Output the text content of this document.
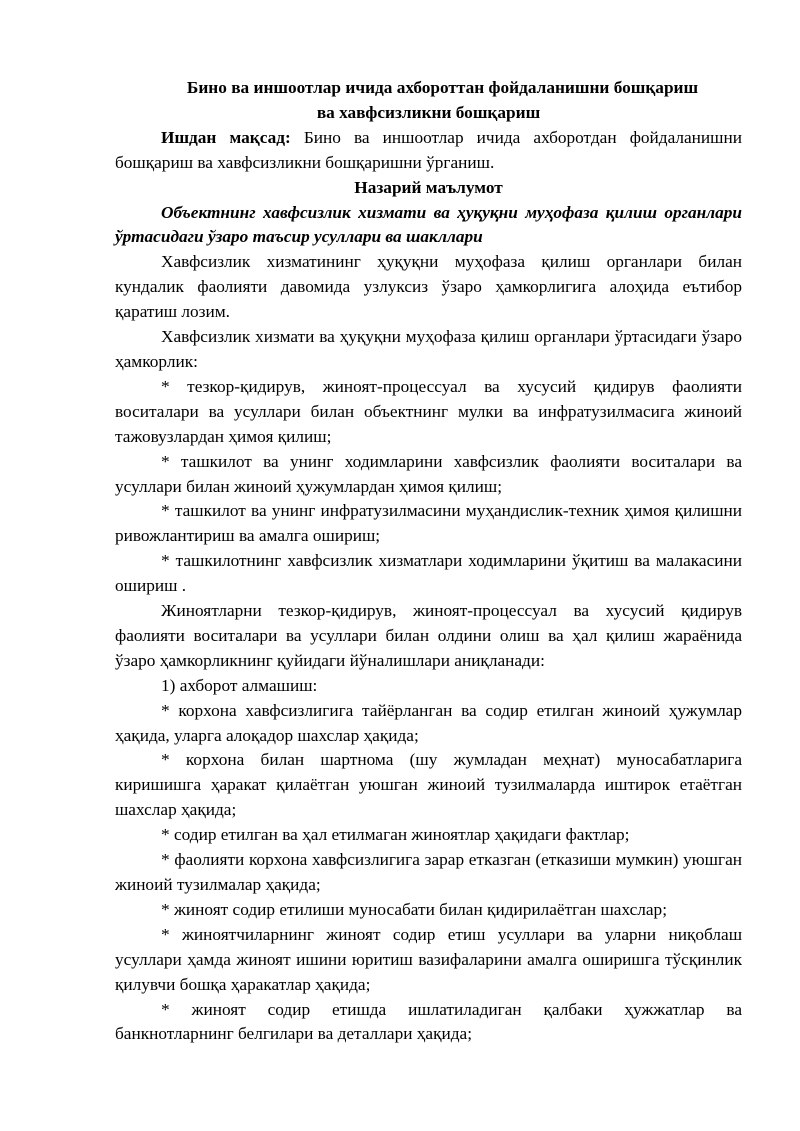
Бино ва иншоотлар ичида ахбороттан фойдаланишни бошқариш
ва хавфсизликни бошқариш

Ишдан мақсад: Бино ва иншоотлар ичида ахборотдан фойдаланишни бошқариш ва хавфсизликни бошқаришни ўрганиш.

Назарий маълумот

Объектнинг хавфсизлик хизмати ва ҳуқуқни муҳофаза қилиш органлари ўртасидаги ўзаро таъсир усуллари ва шакллари

Хавфсизлик хизматининг ҳуқуқни муҳофаза қилиш органлари билан кундалик фаолияти давомида узлуксиз ўзаро ҳамкорлигига алоҳида еътибор қаратиш лозим.

Хавфсизлик хизмати ва ҳуқуқни муҳофаза қилиш органлари ўртасидаги ўзаро ҳамкорлик:

* тезкор-қидирув, жиноят-процессуал ва хусусий қидирув фаолияти воситалари ва усуллари билан объектнинг мулки ва инфратузилмасига жиноий тажовузлардан ҳимоя қилиш;

* ташкилот ва унинг ходимларини хавфсизлик фаолияти воситалари ва усуллари билан жиноий ҳужумлардан ҳимоя қилиш;

* ташкилот ва унинг инфратузилмасини муҳандислик-техник ҳимоя қилишни ривожлантириш ва амалга ошириш;

* ташкилотнинг хавфсизлик хизматлари ходимларини ўқитиш ва малакасини ошириш .

Жиноятларни тезкор-қидирув, жиноят-процессуал ва хусусий қидирув фаолияти воситалари ва усуллари билан олдини олиш ва ҳал қилиш жараёнида ўзаро ҳамкорликнинг қуйидаги йўналишлари аниқланади:

1) ахборот алмашиш:

* корхона хавфсизлигига тайёрланган ва содир етилган жиноий ҳужумлар ҳақида, уларга алоқадор шахслар ҳақида;

* корхона билан шартнома (шу жумладан меҳнат) муносабатларига киришишга ҳаракат қилаётган уюшган жиноий тузилмаларда иштирок етаётган шахслар ҳақида;

* содир етилган ва ҳал етилмаган жиноятлар ҳақидаги фактлар;

* фаолияти корхона хавфсизлигига зарар етказган (етказиши мумкин) уюшган жиноий тузилмалар ҳақида;

* жиноят содир етилиши муносабати билан қидирилаётган шахслар;

* жиноятчиларнинг жиноят содир етиш усуллари ва уларни ниқоблаш усуллари ҳамда жиноят ишини юритиш вазифаларини амалга оширишга тўсқинлик қилувчи бошқа ҳаракатлар ҳақида;

* жиноят содир етишда ишлатиладиган қалбаки ҳужжатлар ва банкнотларнинг белгилари ва деталлари ҳақида;
